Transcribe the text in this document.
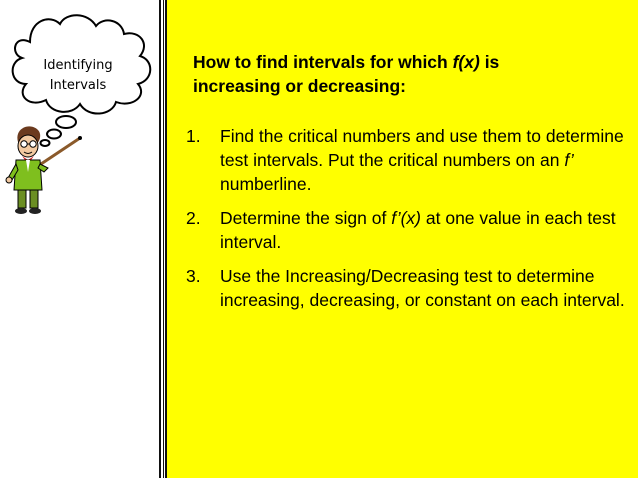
Identifying
Intervals
How to find intervals for which f(x) is
increasing or decreasing:
1. Find the critical numbers and use them to determine test intervals. Put the critical numbers on an f’ numberline.
2. Determine the sign of f’(x) at one value in each test interval.
3. Use the Increasing/Decreasing test to determine increasing, decreasing, or constant on each interval.
